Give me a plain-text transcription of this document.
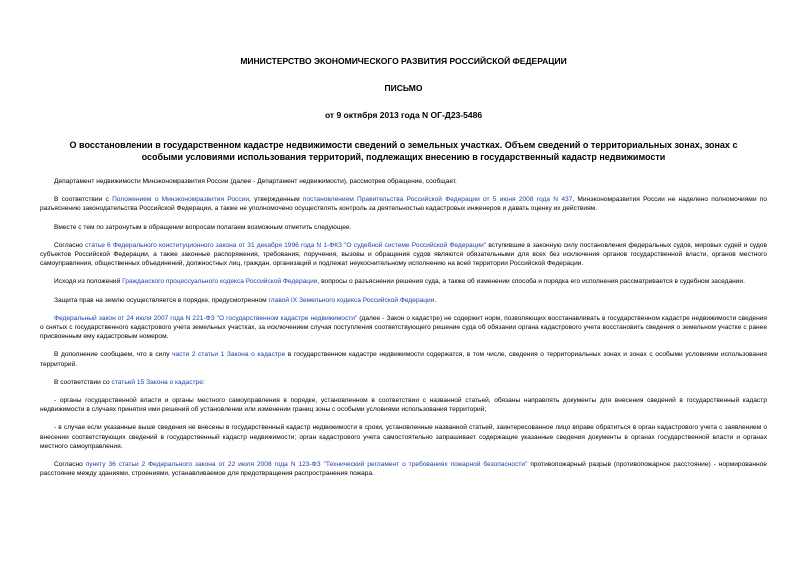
МИНИСТЕРСТВО ЭКОНОМИЧЕСКОГО РАЗВИТИЯ РОССИЙСКОЙ ФЕДЕРАЦИИ
ПИСЬМО
от 9 октября 2013 года N ОГ-Д23-5486
О восстановлении в государственном кадастре недвижимости сведений о земельных участках. Объем сведений о территориальных зонах, зонах с особыми условиями использования территорий, подлежащих внесению в государственный кадастр недвижимости

Департамент недвижимости Минэкономразвития России (далее - Департамент недвижимости), рассмотрев обращение, сообщает.

В соответствии с Положением о Минэкономразвития России, утвержденным постановлением Правительства Российской Федерации от 5 июня 2008 года N 437, Минэкономразвития России не наделено полномочиями по разъяснению законодательства Российской Федерации, а также не уполномочено осуществлять контроль за деятельностью кадастровых инженеров и давать оценку их действиям.

Вместе с тем по затронутым в обращении вопросам полагаем возможным отметить следующее.

Согласно статье 6 Федерального конституционного закона от 31 декабря 1996 года N 1-ФКЗ "О судебной системе Российской Федерации" вступившие в законную силу постановления федеральных судов, мировых судей и судов субъектов Российской Федерации, а также законные распоряжения, требования, поручения, вызовы и обращения судов являются обязательными для всех без исключения органов государственной власти, органов местного самоуправления, общественных объединений, должностных лиц, граждан, организаций и подлежат неукоснительному исполнению на всей территории Российской Федерации.

Исходя из положений Гражданского процессуального кодекса Российской Федерации, вопросы о разъяснении решения суда, а также об изменении способа и порядка его исполнения рассматривается в судебном заседании.

Защита прав на землю осуществляется в порядке, предусмотренном главой IX Земельного кодекса Российской Федерации.

Федеральный закон от 24 июля 2007 года N 221-ФЗ "О государственном кадастре недвижимости" (далее - Закон о кадастре) не содержит норм, позволяющих восстанавливать в государственном кадастре недвижимости сведения о снятых с государственного кадастрового учета земельных участках, за исключением случая поступления соответствующего решение суда об обязании органа кадастрового учета восстановить сведения о земельном участке с ранее присвоенным ему кадастровым номером.

В дополнение сообщаем, что в силу части 2 статьи 1 Закона о кадастре в государственном кадастре недвижимости содержатся, в том числе, сведения о территориальных зонах и зонах с особыми условиями использования территорий.

В соответствии со статьей 15 Закона о кадастре:

- органы государственной власти и органы местного самоуправления в порядке, установленном в соответствии с названной статьей, обязаны направлять документы для внесения сведений в государственный кадастр недвижимости в случаях принятия ими решений об установлении или изменении границ зоны с особыми условиями использования территорий;

- в случае если указанные выше сведения не внесены в государственный кадастр недвижимости в сроки, установленные названной статьей, заинтересованное лицо вправе обратиться в орган кадастрового учета с заявлением о внесении соответствующих сведений в государственный кадастр недвижимости; орган кадастрового учета самостоятельно запрашивает содержащие указанные сведения документы в органах государственной власти и органах местного самоуправления.

Согласно пункту 36 статьи 2 Федерального закона от 22 июля 2008 года N 123-ФЗ "Технический регламент о требованиях пожарной безопасности" противопожарный разрыв (противопожарное расстояние) - нормированное расстояние между зданиями, строениями, устанавливаемое для предотвращения распространения пожара.
